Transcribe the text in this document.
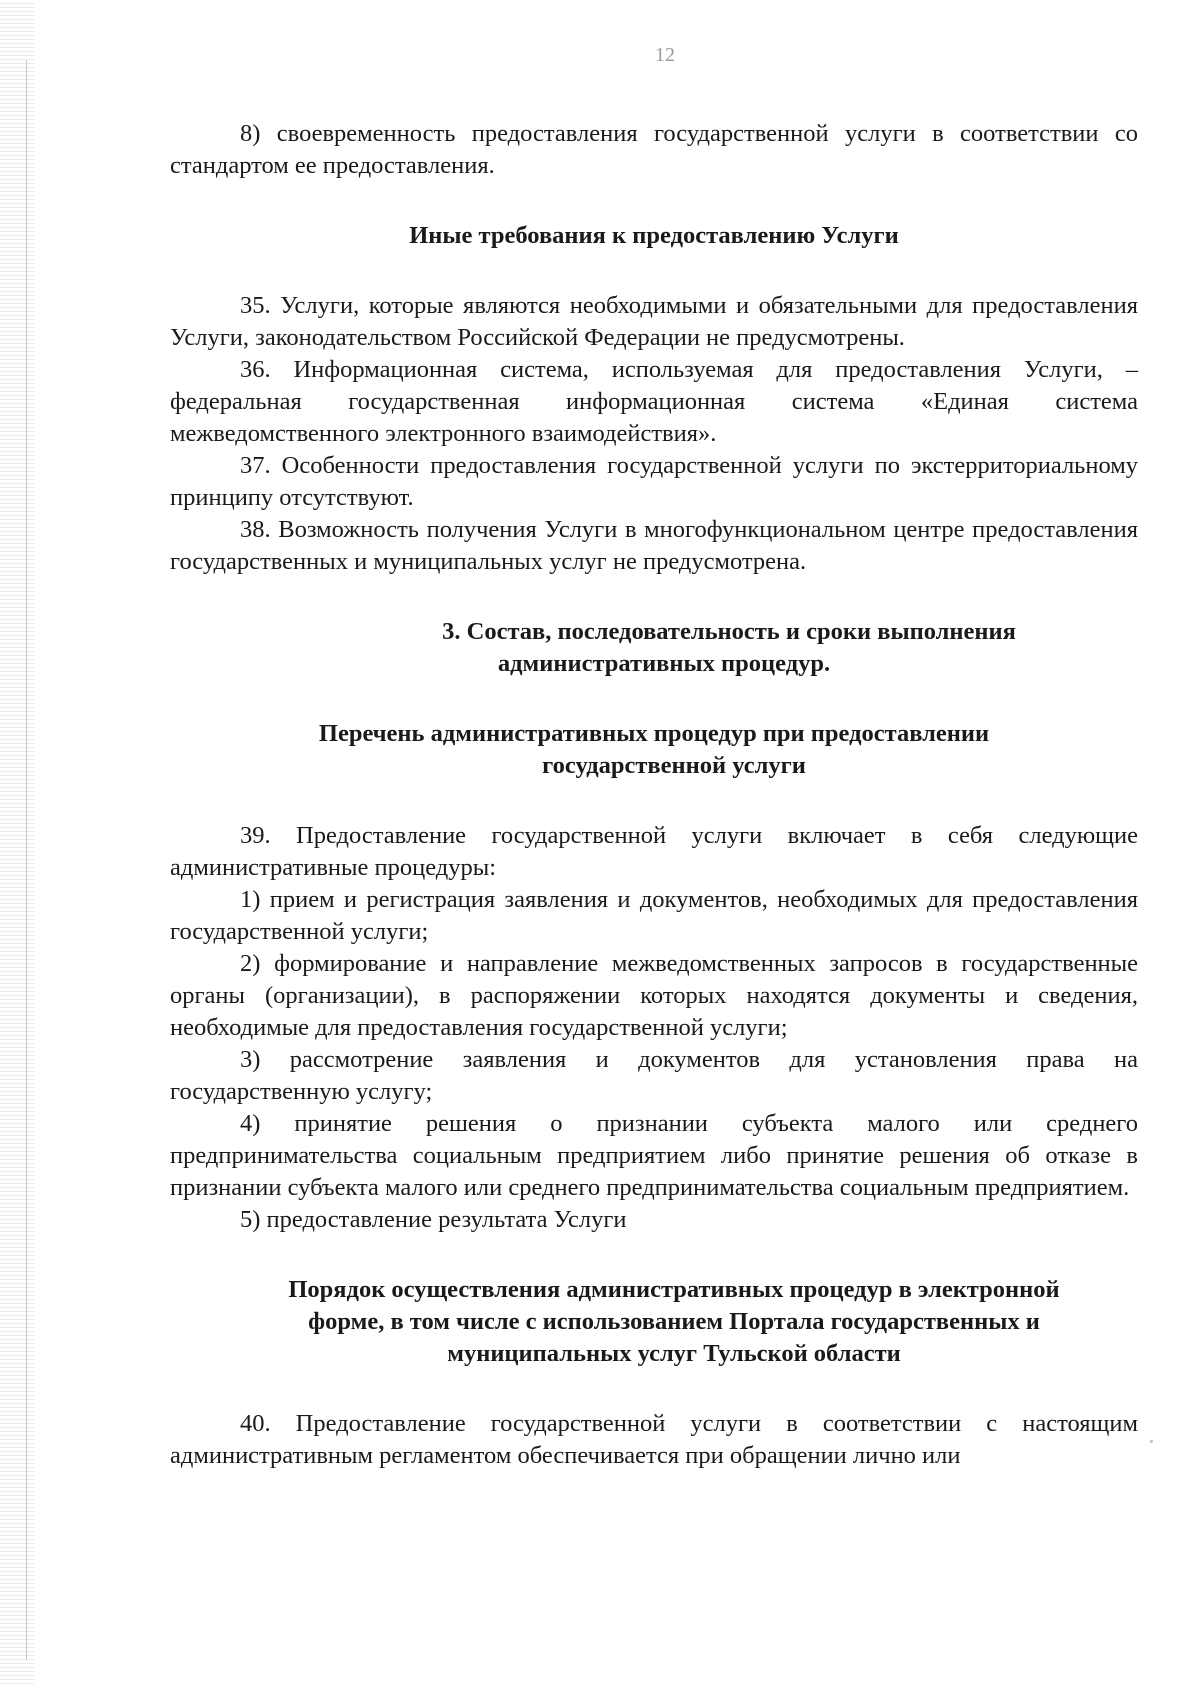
12

8) своевременность предоставления государственной услуги в соответствии со стандартом ее предоставления.

Иные требования к предоставлению Услуги

35. Услуги, которые являются необходимыми и обязательными для предоставления Услуги, законодательством Российской Федерации не предусмотрены.

36. Информационная система, используемая для предоставления Услуги, – федеральная государственная информационная система «Единая система межведомственного электронного взаимодействия».

37. Особенности предоставления государственной услуги по экстерриториальному принципу отсутствуют.

38. Возможность получения Услуги в многофункциональном центре предоставления государственных и муниципальных услуг не предусмотрена.

3. Состав, последовательность и сроки выполнения
административных процедур.
Перечень административных процедур при предоставлении
государственной услуги

39. Предоставление государственной услуги включает в себя следующие административные процедуры:

1) прием и регистрация заявления и документов, необходимых для предоставления государственной услуги;

2) формирование и направление межведомственных запросов в государственные органы (организации), в распоряжении которых находятся документы и сведения, необходимые для предоставления государственной услуги;

3) рассмотрение заявления и документов для установления права на государственную услугу;

4) принятие решения о признании субъекта малого или среднего предпринимательства социальным предприятием либо принятие решения об отказе в признании субъекта малого или среднего предпринимательства социальным предприятием.

5) предоставление результата Услуги

Порядок осуществления административных процедур в электронной
форме, в том числе с использованием Портала государственных и
муниципальных услуг Тульской области

40. Предоставление государственной услуги в соответствии с настоящим административным регламентом обеспечивается при обращении лично или
